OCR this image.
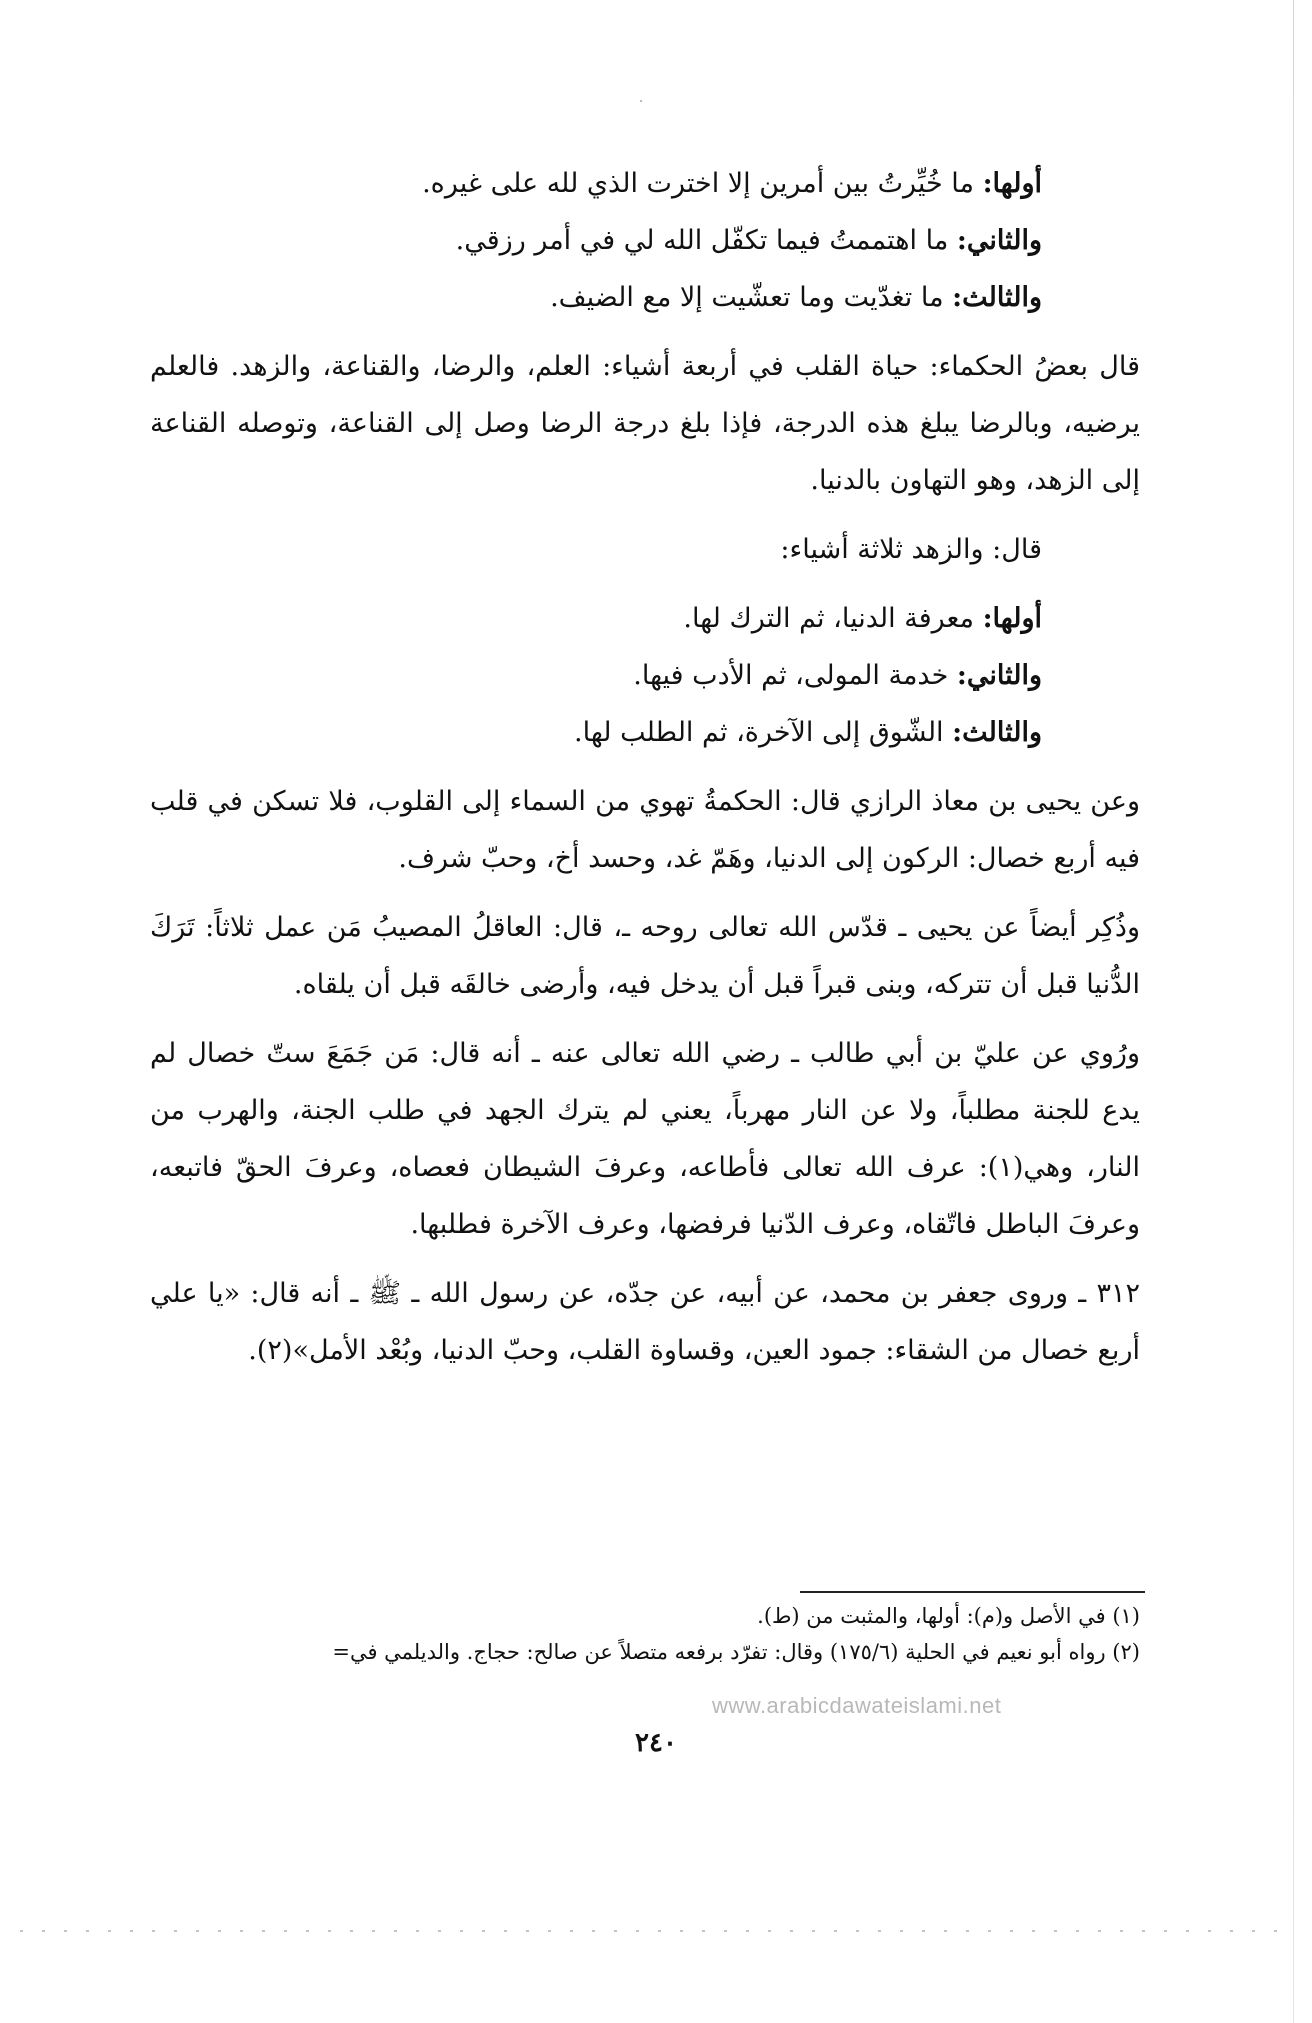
أولها: ما خُيِّرتُ بين أمرين إلا اخترت الذي لله على غيره.

والثاني: ما اهتممتُ فيما تكفّل الله لي في أمر رزقي.

والثالث: ما تغدّيت وما تعشّيت إلا مع الضيف.

قال بعضُ الحكماء: حياة القلب في أربعة أشياء: العلم، والرضا، والقناعة، والزهد. فالعلم يرضيه، وبالرضا يبلغ هذه الدرجة، فإذا بلغ درجة الرضا وصل إلى القناعة، وتوصله القناعة إلى الزهد، وهو التهاون بالدنيا.

قال: والزهد ثلاثة أشياء:

أولها: معرفة الدنيا، ثم الترك لها.

والثاني: خدمة المولى، ثم الأدب فيها.

والثالث: الشّوق إلى الآخرة، ثم الطلب لها.

وعن يحيى بن معاذ الرازي قال: الحكمةُ تهوي من السماء إلى القلوب، فلا تسكن في قلب فيه أربع خصال: الركون إلى الدنيا، وهَمّ غد، وحسد أخ، وحبّ شرف.

وذُكِر أيضاً عن يحيى ـ قدّس الله تعالى روحه ـ، قال: العاقلُ المصيبُ مَن عمل ثلاثاً: تَرَكَ الدُّنيا قبل أن تتركه، وبنى قبراً قبل أن يدخل فيه، وأرضى خالقَه قبل أن يلقاه.

ورُوي عن عليّ بن أبي طالب ـ رضي الله تعالى عنه ـ أنه قال: مَن جَمَعَ ستّ خصال لم يدع للجنة مطلباً، ولا عن النار مهرباً، يعني لم يترك الجهد في طلب الجنة، والهرب من النار، وهي(١): عرف الله تعالى فأطاعه، وعرفَ الشيطان فعصاه، وعرفَ الحقّ فاتبعه، وعرفَ الباطل فاتّقاه، وعرف الدّنيا فرفضها، وعرف الآخرة فطلبها.

٣١٢ ـ وروى جعفر بن محمد، عن أبيه، عن جدّه، عن رسول الله ـ ﷺ ـ أنه قال: «يا علي أربع خصال من الشقاء: جمود العين، وقساوة القلب، وحبّ الدنيا، وبُعْد الأمل»(٢).

(١) في الأصل و(م): أولها، والمثبت من (ط).

(٢) رواه أبو نعيم في الحلية (١٧٥/٦) وقال: تفرّد برفعه متصلاً عن صالح: حجاج. والديلمي في=

www.arabicdawateislami.net
٢٤٠
